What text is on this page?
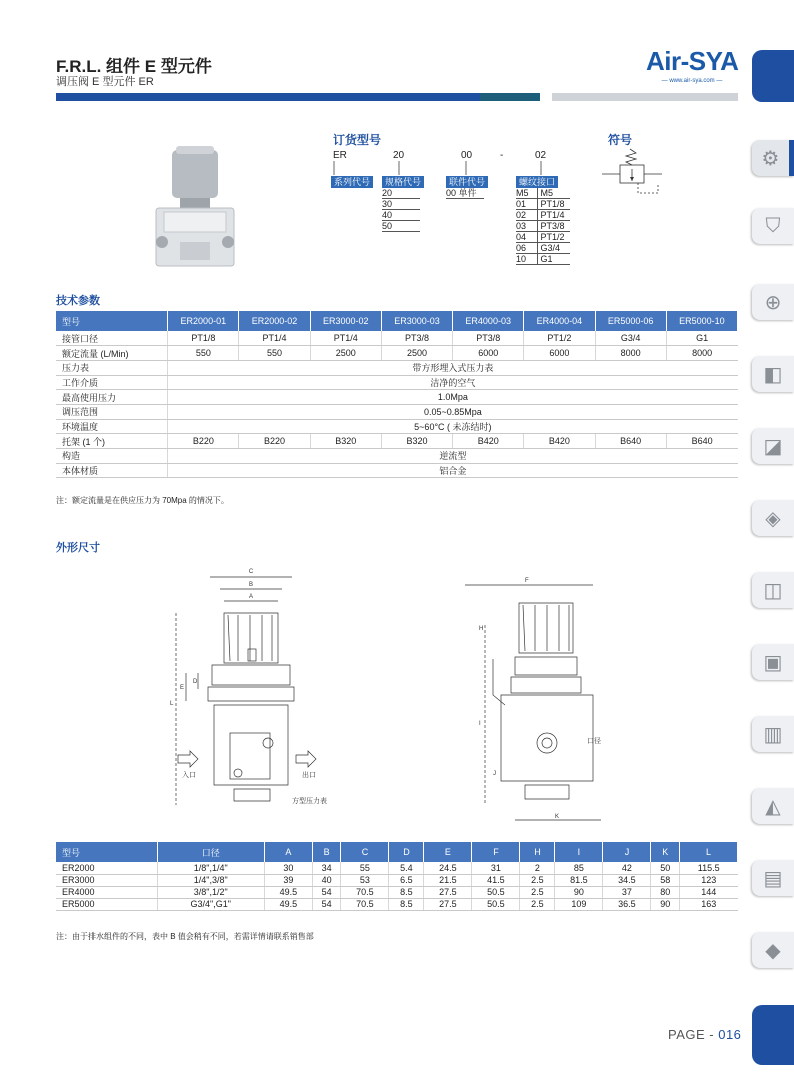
F.R.L. 组件 E 型元件
调压阀 E 型元件 ER
Air-SYA
— www.air-sya.com —
⚙
⛉
⊕
◧
◪
◈
◫
▣
▥
◭
▤
◆
订货型号	符号
ER	20	00	-	02
系列代号	规格代号	联件代号	螺纹接口
20
30
40
50
00 单件	M5 M5
01 PT1/8
02 PT1/4
03 PT3/8
04 PT1/2
06 G3/4
10 G1
技术参数
型号	ER2000-01	ER2000-02	ER3000-02	ER3000-03	ER4000-03	ER4000-04	ER5000-06	ER5000-10
接管口径	PT1/8	PT1/4	PT1/4	PT3/8	PT3/8	PT1/2	G3/4	G1
额定流量 (L/Min)	550	550	2500	2500	6000	6000	8000	8000
压力表	带方形埋入式压力表							
工作介质	洁净的空气							
最高使用压力	1.0Mpa							
调压范围	0.05~0.85Mpa							
环境温度	5~60°C ( 未冻结时)							
托架 (1 个)	B220	B220	B320	B320	B420	B420	B640	B640
构造	逆流型							
本体材质	铝合金							
注：额定流量是在供应压力为 70Mpa 的情况下。
外形尺寸
C
B
A
L
E
D
入口	出口
方型压力表
F
H
I
J
K
口径
型号	口径	A	B	C	D	E	F	H	I	J	K	L
ER2000	1/8",1/4"	30	34	55	5.4	24.5	31	2	85	42	50	115.5
ER3000	1/4",3/8"	39	40	53	6.5	21.5	41.5	2.5	81.5	34.5	58	123
ER4000	3/8",1/2"	49.5	54	70.5	8.5	27.5	50.5	2.5	90	37	80	144
ER5000	G3/4",G1"	49.5	54	70.5	8.5	27.5	50.5	2.5	109	36.5	90	163
注：由于排水组件的不同，表中 B 值会稍有不同，若需详情请联系销售部
PAGE - 016
